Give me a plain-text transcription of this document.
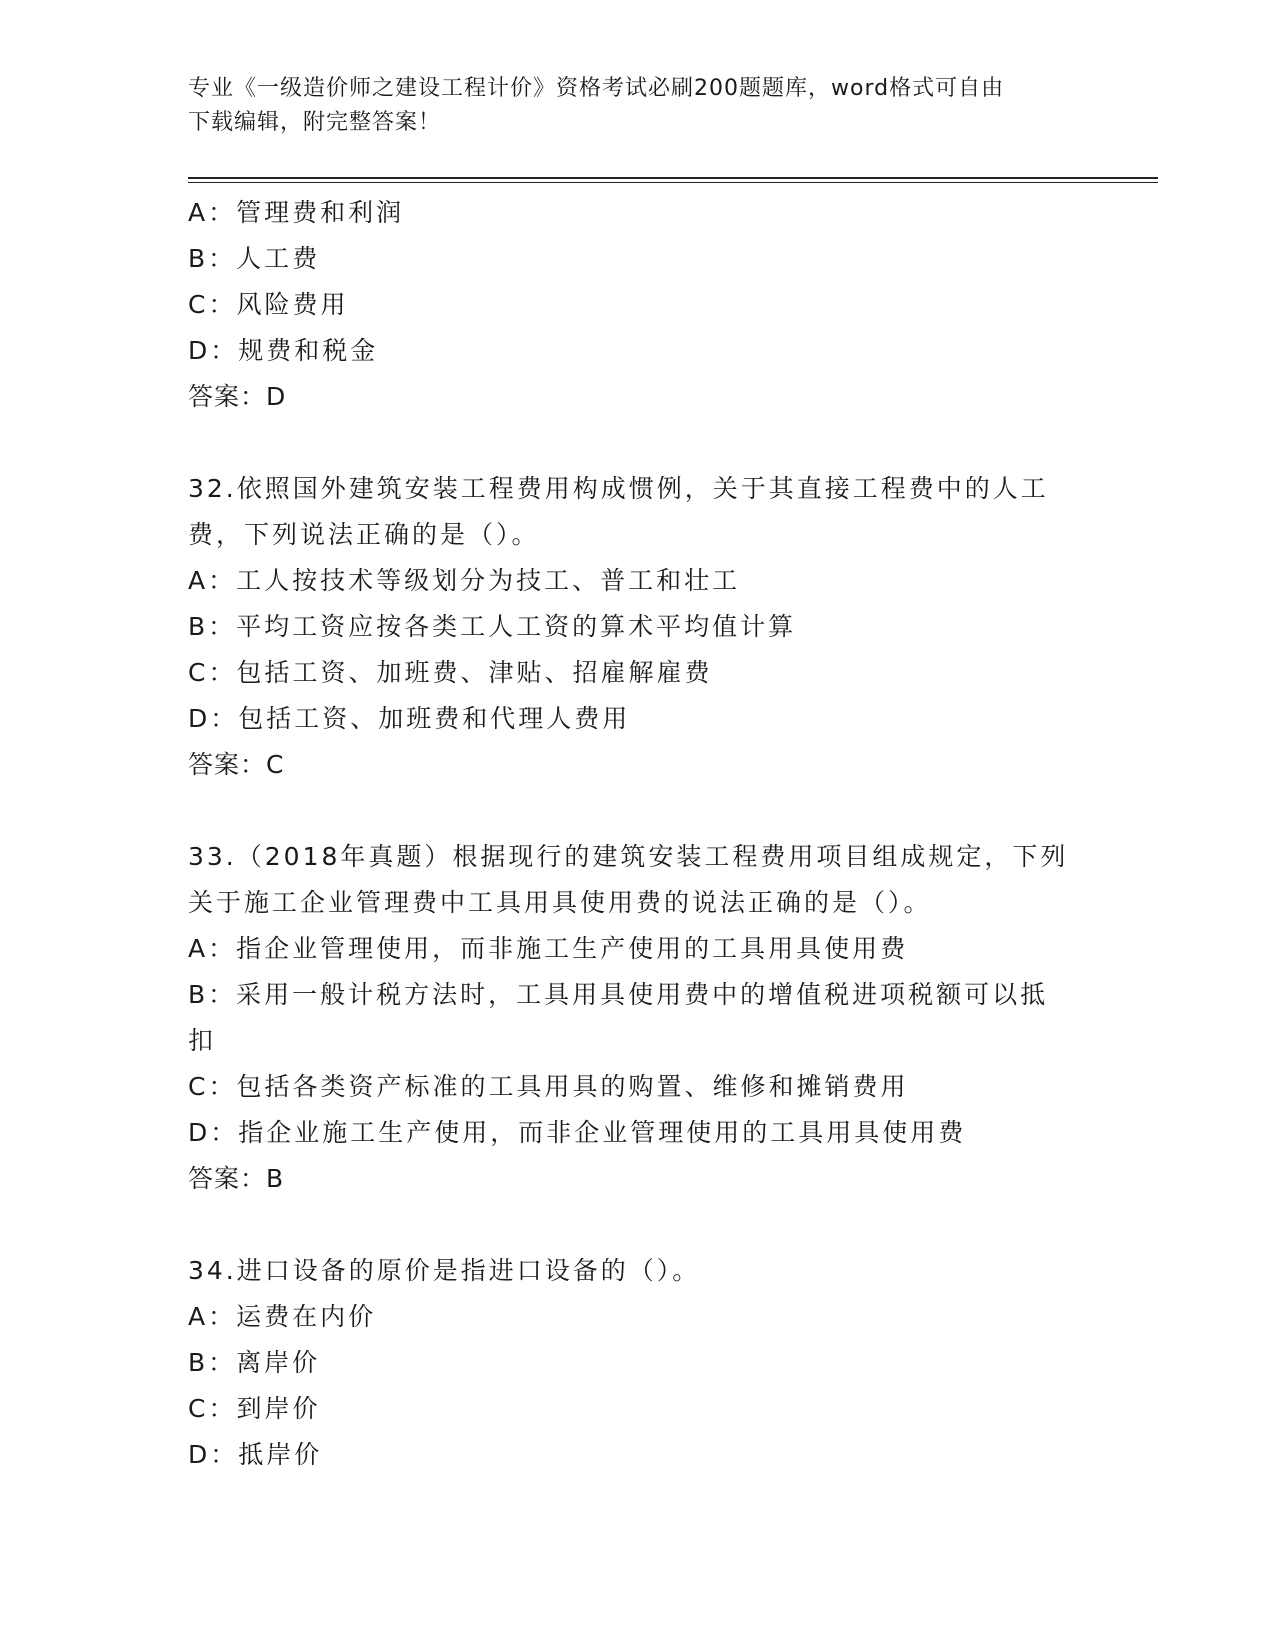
专业《一级造价师之建设工程计价》资格考试必刷200题题库，word格式可自由
下载编辑，附完整答案！
A：管理费和利润
B：人工费
C：风险费用
D：规费和税金
答案：D
32.依照国外建筑安装工程费用构成惯例，关于其直接工程费中的人工
费，下列说法正确的是（）。
A：工人按技术等级划分为技工、普工和壮工
B：平均工资应按各类工人工资的算术平均值计算
C：包括工资、加班费、津贴、招雇解雇费
D：包括工资、加班费和代理人费用
答案：C
33.（2018年真题）根据现行的建筑安装工程费用项目组成规定，下列
关于施工企业管理费中工具用具使用费的说法正确的是（）。
A：指企业管理使用，而非施工生产使用的工具用具使用费
B：采用一般计税方法时，工具用具使用费中的增值税进项税额可以抵
扣
C：包括各类资产标准的工具用具的购置、维修和摊销费用
D：指企业施工生产使用，而非企业管理使用的工具用具使用费
答案：B
34.进口设备的原价是指进口设备的（）。
A：运费在内价
B：离岸价
C：到岸价
D：抵岸价
